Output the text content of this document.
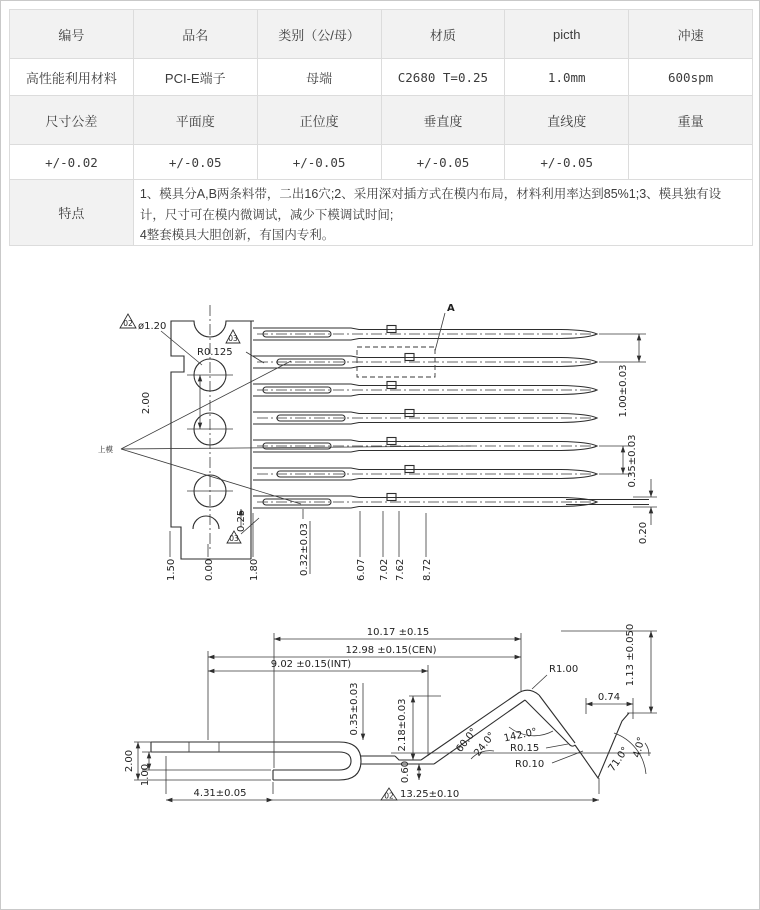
编号	品名	类别（公/母）	材质	picth	冲速
高性能利用材料	PCI-E端子	母端	C2680 T=0.25	1.0mm	600spm
尺寸公差	平面度	正位度	垂直度	直线度	重量
+/-0.02	+/-0.05	+/-0.05	+/-0.05	+/-0.05
特点
1、模具分A,B两条料带，二出16穴;2、采用深对插方式在模内布局，材料利用率达到85%1;3、模具独有设计，尺寸可在模内微调试，减少下模调试时间;
4整套模具大胆创新，有国内专利。
A
02 ø1.20
03
R0.125
2.00
上模
1.00±0.03
0.35±0.03
0.20
0.25
03
1.50	0.00	1.80	0.32±0.03	6.07 7.02 7.62 8.72
10.17 ±0.15
12.98 ±0.15(CEN)
9.02 ±0.15(INT)
0.35±0.03	2.18±0.03
0.60
2.00
1.00
4.31±0.05	02 13.25±0.10
0.74
1.13 ±0.050
R1.00
R0.15
R0.10
60.0°
24.0° 142.0°
71.0° 4.0°
